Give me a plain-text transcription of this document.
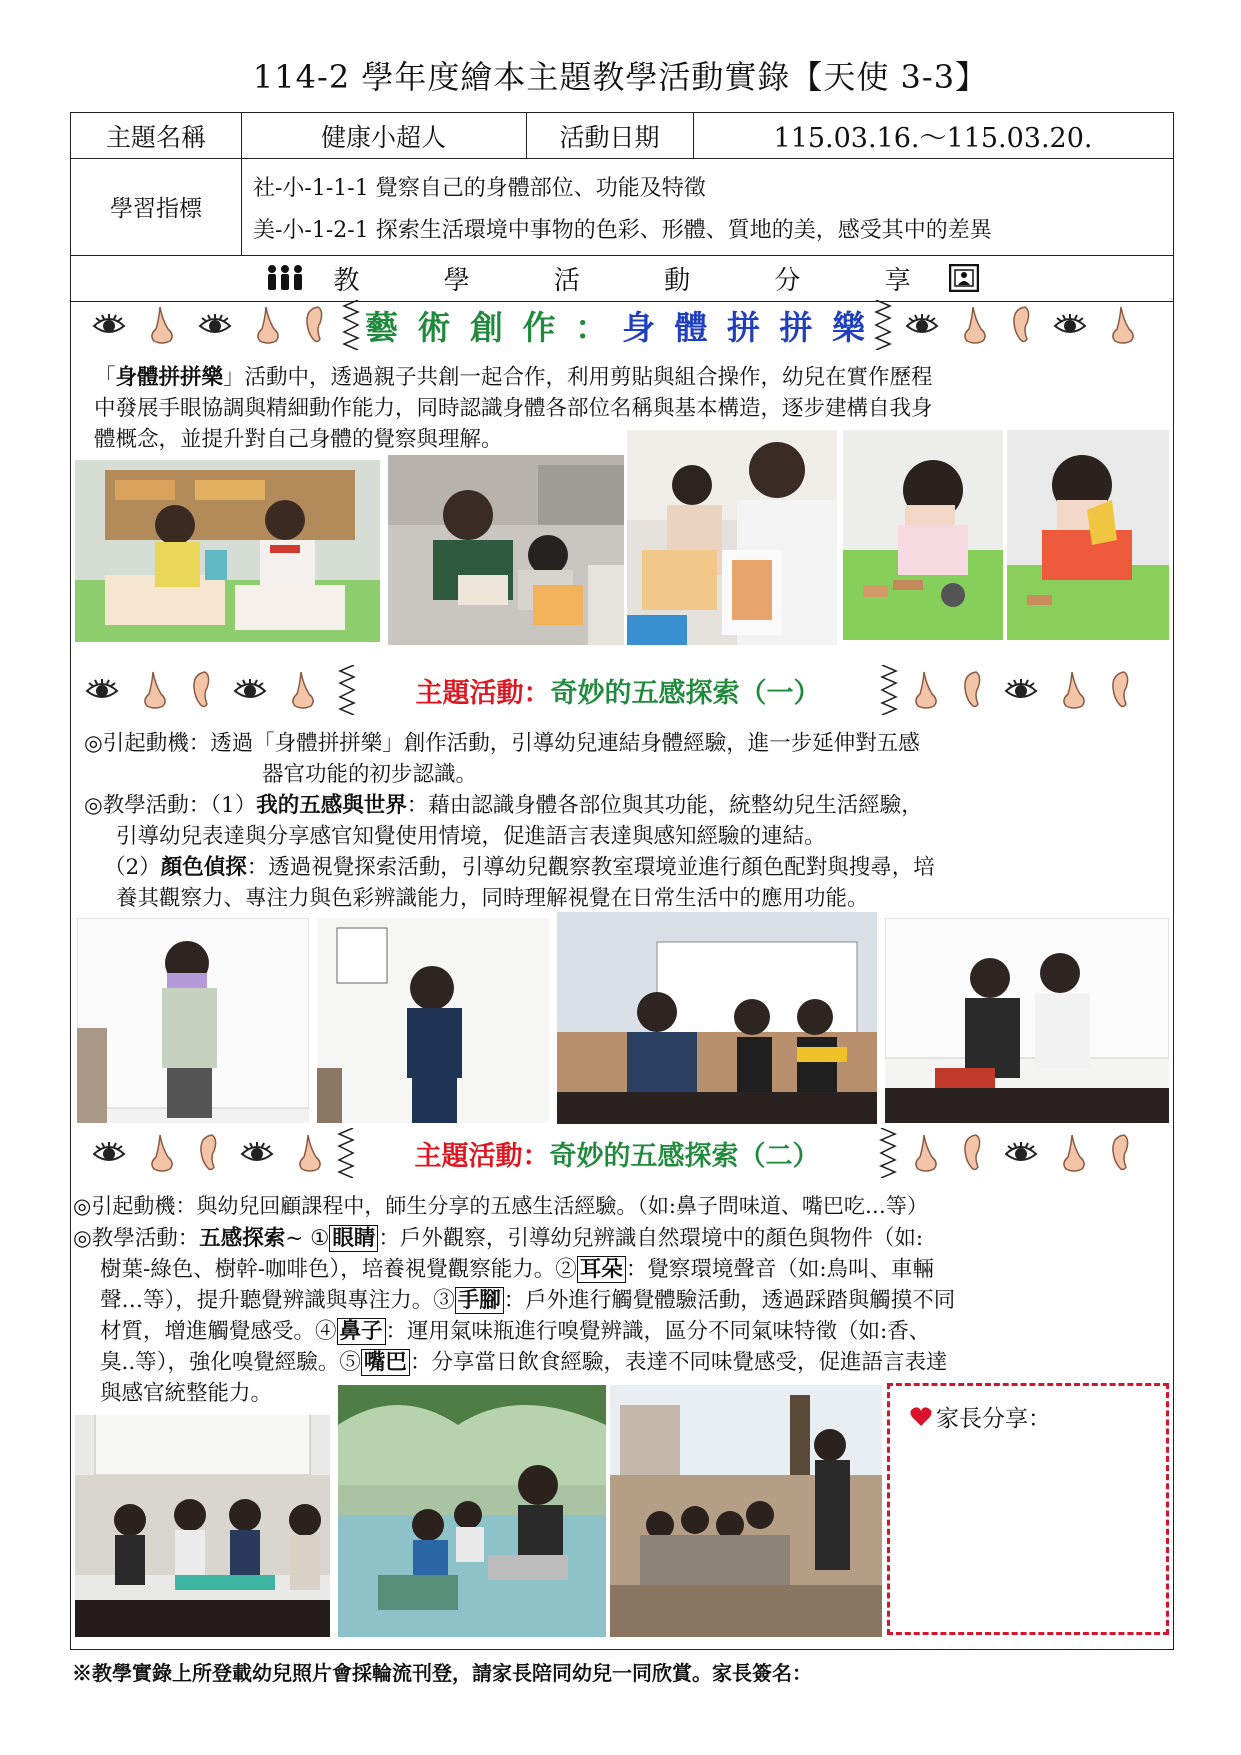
114-2 學年度繪本主題教學活動實錄【天使 3-3】
主題名稱	健康小超人	活動日期	115.03.16.～115.03.20.
學習指標
社-小-1-1-1 覺察自己的身體部位、功能及特徵
美-小-1-2-1 探索生活環境中事物的色彩、形體、質地的美，感受其中的差異
教 學 活 動 分 享
藝 術 創 作 ： 身 體 拼 拼 樂
「身體拼拼樂」活動中，透過親子共創一起合作，利用剪貼與組合操作，幼兒在實作歷程
中發展手眼協調與精細動作能力，同時認識身體各部位名稱與基本構造，逐步建構自我身
體概念，並提升對自己身體的覺察與理解。
主題活動： 奇妙的五感探索（一）
◎引起動機：透過「身體拼拼樂」創作活動，引導幼兒連結身體經驗，進一步延伸對五感
器官功能的初步認識。
◎教學活動：（1）我的五感與世界：藉由認識身體各部位與其功能，統整幼兒生活經驗，
引導幼兒表達與分享感官知覺使用情境，促進語言表達與感知經驗的連結。
（2）顏色偵探：透過視覺探索活動，引導幼兒觀察教室環境並進行顏色配對與搜尋，培
養其觀察力、專注力與色彩辨識能力，同時理解視覺在日常生活中的應用功能。
主題活動： 奇妙的五感探索（二）
◎引起動機：與幼兒回顧課程中，師生分享的五感生活經驗。（如:鼻子問味道、嘴巴吃…等）
◎教學活動：五感探索~ ① 眼睛 ：戶外觀察，引導幼兒辨識自然環境中的顏色與物件（如:
樹葉-綠色、樹幹-咖啡色），培養視覺觀察能力。② 耳朵 ：覺察環境聲音（如:鳥叫、車輛
聲…等），提升聽覺辨識與專注力。③ 手腳 ：戶外進行觸覺體驗活動，透過踩踏與觸摸不同
材質，增進觸覺感受。④ 鼻子 ：運用氣味瓶進行嗅覺辨識，區分不同氣味特徵（如:香、
臭..等），強化嗅覺經驗。⑤ 嘴巴 ：分享當日飲食經驗，表達不同味覺感受，促進語言表達
與感官統整能力。
家長分享：
※教學實錄上所登載幼兒照片會採輪流刊登，請家長陪同幼兒一同欣賞。家長簽名：
